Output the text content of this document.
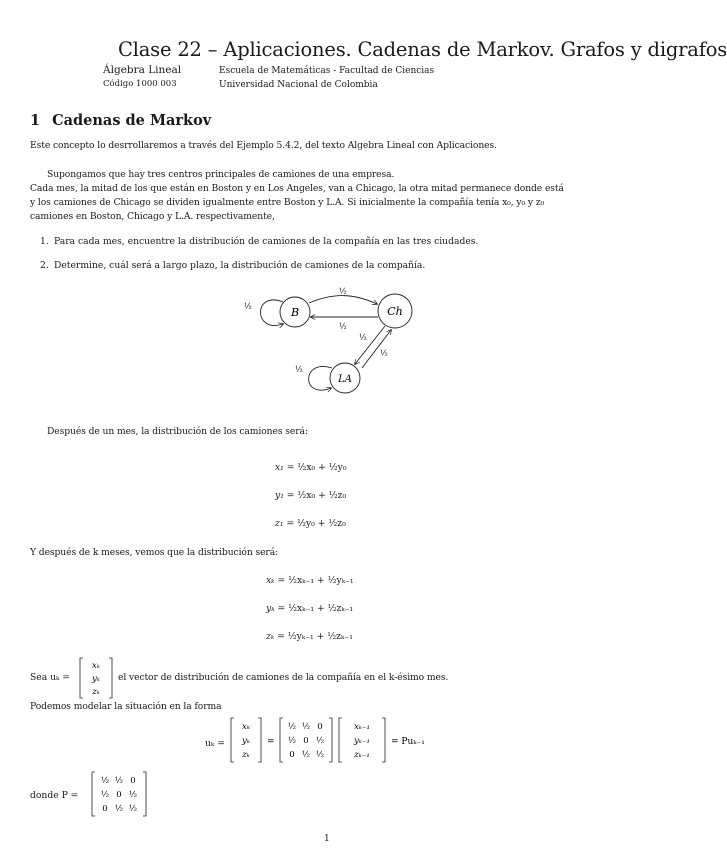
Clase 22 – Aplicaciones. Cadenas de Markov. Grafos y digrafos
Álgebra Lineal
Código 1000 003
Escuela de Matemáticas - Facultad de Ciencias
Universidad Nacional de Colombia
1 Cadenas de Markov
Este concepto lo desrrollaremos a través del Ejemplo 5.4.2, del texto Algebra Lineal con Aplicaciones.
Supongamos que hay tres centros principales de camiones de una empresa.
Cada mes, la mitad de los que están en Boston y en Los Angeles, van a Chicago, la otra mitad permanece donde está
y los camiones de Chicago se dividen igualmente entre Boston y L.A. Si inicialmente la compañía tenía x₀, y₀ y z₀
camiones en Boston, Chicago y L.A. respectivamente,
1. Para cada mes, encuentre la distribución de camiones de la compañía en las tres ciudades.
2. Determine, cuál será a largo plazo, la distribución de camiones de la compañía.
B
½	Ch
LA
½
½
½
½
½
Después de un mes, la distribución de los camiones será:
x₁ = ½x₀ + ½y₀
y₁ = ½x₀ + ½z₀
z₁ = ½y₀ + ½z₀
Y después de k meses, vemos que la distribución será:
xₖ = ½xₖ₋₁ + ½yₖ₋₁
yₖ = ½xₖ₋₁ + ½zₖ₋₁
zₖ = ½yₖ₋₁ + ½zₖ₋₁
Sea uₖ =
xₖ
yₖ
zₖ
el vector de distribución de camiones de la compañía en el k-ésimo mes.
Podemos modelar la situación en la forma
uₖ =
xₖ
yₖ
zₖ
=
½ ½ 0
½ 0 ½
0 ½ ½
xₖ₋₁
yₖ₋₁
zₖ₋₁
= Puₖ₋₁
donde P =
½ ½ 0
½ 0 ½
0 ½ ½
1
